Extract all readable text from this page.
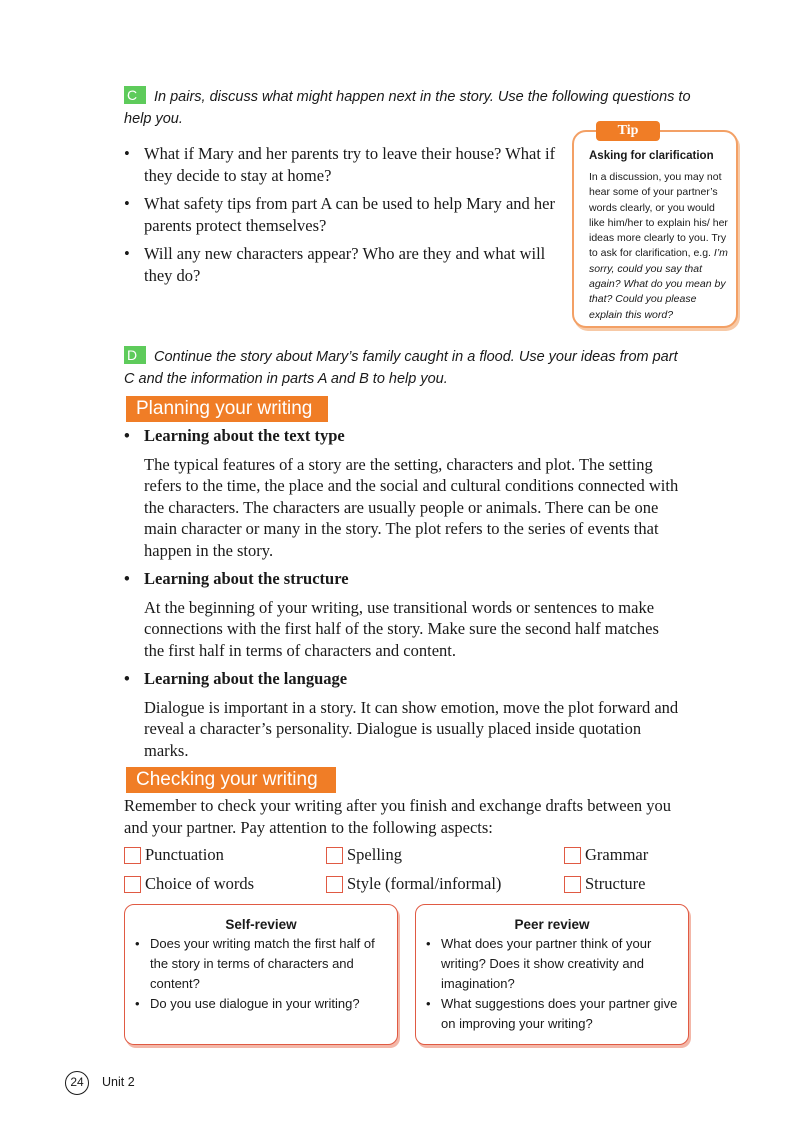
C In pairs, discuss what might happen next in the story. Use the following questions to help you.
• What if Mary and her parents try to leave their house? What if they decide to stay at home?
• What safety tips from part A can be used to help Mary and her parents protect themselves?
• Will any new characters appear? Who are they and what will they do?
Tip
Asking for clarification
In a discussion, you may not hear some of your partner’s words clearly, or you would like him/her to explain his/ her ideas more clearly to you. Try to ask for clarification, e.g. I’m sorry, could you say that again? What do you mean by that? Could you please explain this word?
D Continue the story about Mary’s family caught in a flood. Use your ideas from part C and the information in parts A and B to help you.
Planning your writing
• Learning about the text type
The typical features of a story are the setting, characters and plot. The setting refers to the time, the place and the social and cultural conditions connected with the characters. The characters are usually people or animals. There can be one main character or many in the story. The plot refers to the series of events that happen in the story.
• Learning about the structure
At the beginning of your writing, use transitional words or sentences to make connections with the first half of the story. Make sure the second half matches the first half in terms of characters and content.
• Learning about the language
Dialogue is important in a story. It can show emotion, move the plot forward and reveal a character’s personality. Dialogue is usually placed inside quotation marks.
Checking your writing
Remember to check your writing after you finish and exchange drafts between you and your partner. Pay attention to the following aspects:
Punctuation	Spelling	Grammar
Choice of words	Style (formal/informal)	Structure
Self-review
• Does your writing match the first half of the story in terms of characters and content?
• Do you use dialogue in your writing?
Peer review
• What does your partner think of your writing? Does it show creativity and imagination?
• What suggestions does your partner give on improving your writing?
24	Unit 2
